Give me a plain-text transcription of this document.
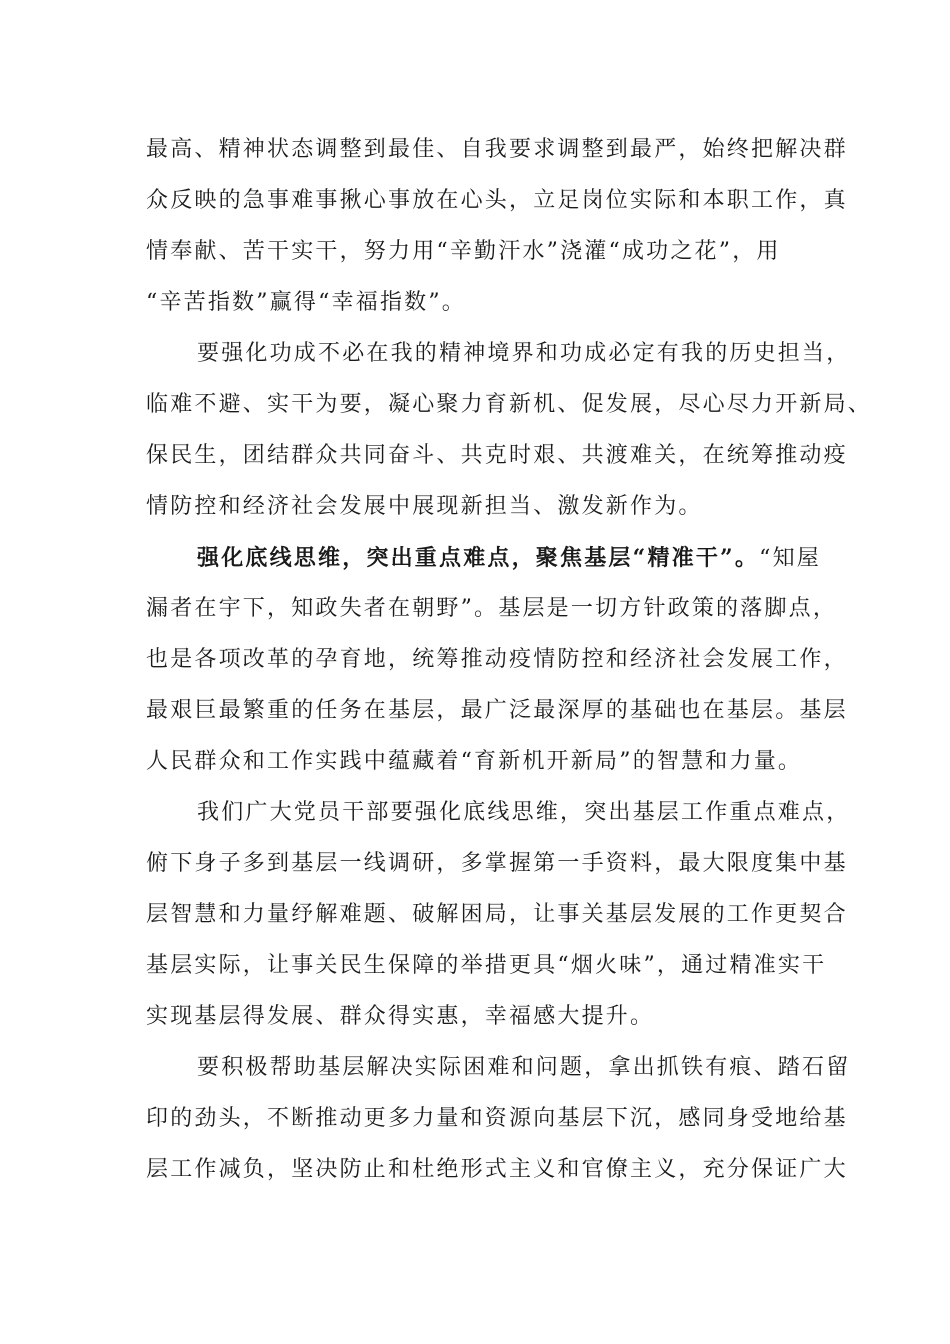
最高、精神状态调整到最佳、自我要求调整到最严，始终把解决群
众反映的急事难事揪心事放在心头，立足岗位实际和本职工作，真
情奉献、苦干实干，努力用“辛勤汗水”浇灌“成功之花”，用
“辛苦指数”赢得“幸福指数”。
要强化功成不必在我的精神境界和功成必定有我的历史担当，
临难不避、实干为要，凝心聚力育新机、促发展，尽心尽力开新局、
保民生，团结群众共同奋斗、共克时艰、共渡难关，在统筹推动疫
情防控和经济社会发展中展现新担当、激发新作为。
强化底线思维，突出重点难点，聚焦基层“精准干”。“知屋
漏者在宇下，知政失者在朝野”。基层是一切方针政策的落脚点，
也是各项改革的孕育地，统筹推动疫情防控和经济社会发展工作，
最艰巨最繁重的任务在基层，最广泛最深厚的基础也在基层。基层
人民群众和工作实践中蕴藏着“育新机开新局”的智慧和力量。
我们广大党员干部要强化底线思维，突出基层工作重点难点，
俯下身子多到基层一线调研，多掌握第一手资料，最大限度集中基
层智慧和力量纾解难题、破解困局，让事关基层发展的工作更契合
基层实际，让事关民生保障的举措更具“烟火味”，通过精准实干
实现基层得发展、群众得实惠，幸福感大提升。
要积极帮助基层解决实际困难和问题，拿出抓铁有痕、踏石留
印的劲头，不断推动更多力量和资源向基层下沉，感同身受地给基
层工作减负，坚决防止和杜绝形式主义和官僚主义，充分保证广大
